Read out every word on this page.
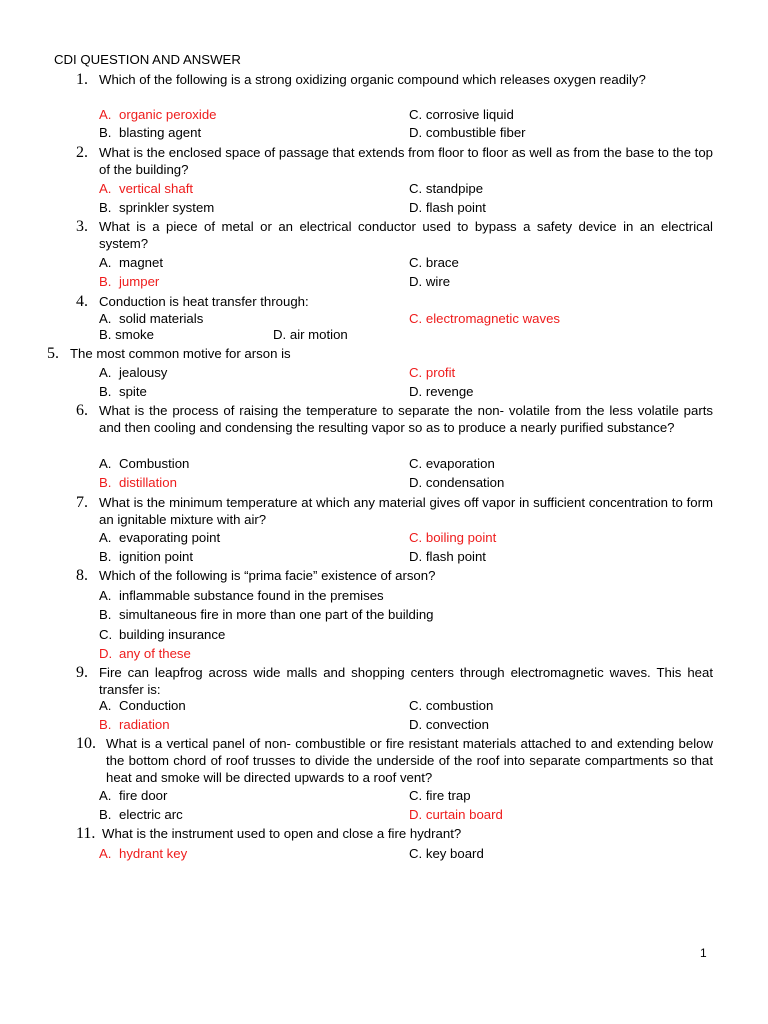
CDI QUESTION AND ANSWER
1. Which of the following is a strong oxidizing organic compound which releases oxygen readily?
A. organic peroxide	C. corrosive liquid
B. blasting agent	D. combustible fiber
2. What is the enclosed space of passage that extends from floor to floor as well as from the base to the top of the building?
A. vertical shaft	C. standpipe
B. sprinkler system	D. flash point
3. What is a piece of metal or an electrical conductor used to bypass a safety device in an electrical system?
A. magnet	C. brace
B. jumper	D. wire
4. Conduction is heat transfer through:
A. solid materials	C. electromagnetic waves
B. smoke	D. air motion
5. The most common motive for arson is
A. jealousy	C. profit
B. spite	D. revenge
6. What is the process of raising the temperature to separate the non- volatile from the less volatile parts and then cooling and condensing the resulting vapor so as to produce a nearly purified substance?
A. Combustion	C. evaporation
B. distillation	D. condensation
7. What is the minimum temperature at which any material gives off vapor in sufficient concentration to form an ignitable mixture with air?
A. evaporating point	C. boiling point
B. ignition point	D. flash point
8. Which of the following is “prima facie” existence of arson?
A. inflammable substance found in the premises
B. simultaneous fire in more than one part of the building
C. building insurance
D. any of these
9. Fire can leapfrog across wide malls and shopping centers through electromagnetic waves. This heat transfer is:
A. Conduction	C. combustion
B. radiation	D. convection
10. What is a vertical panel of non- combustible or fire resistant materials attached to and extending below the bottom chord of roof trusses to divide the underside of the roof into separate compartments so that heat and smoke will be directed upwards to a roof vent?
A. fire door	C. fire trap
B. electric arc	D. curtain board
11. What is the instrument used to open and close a fire hydrant?
A. hydrant key	C. key board
1
